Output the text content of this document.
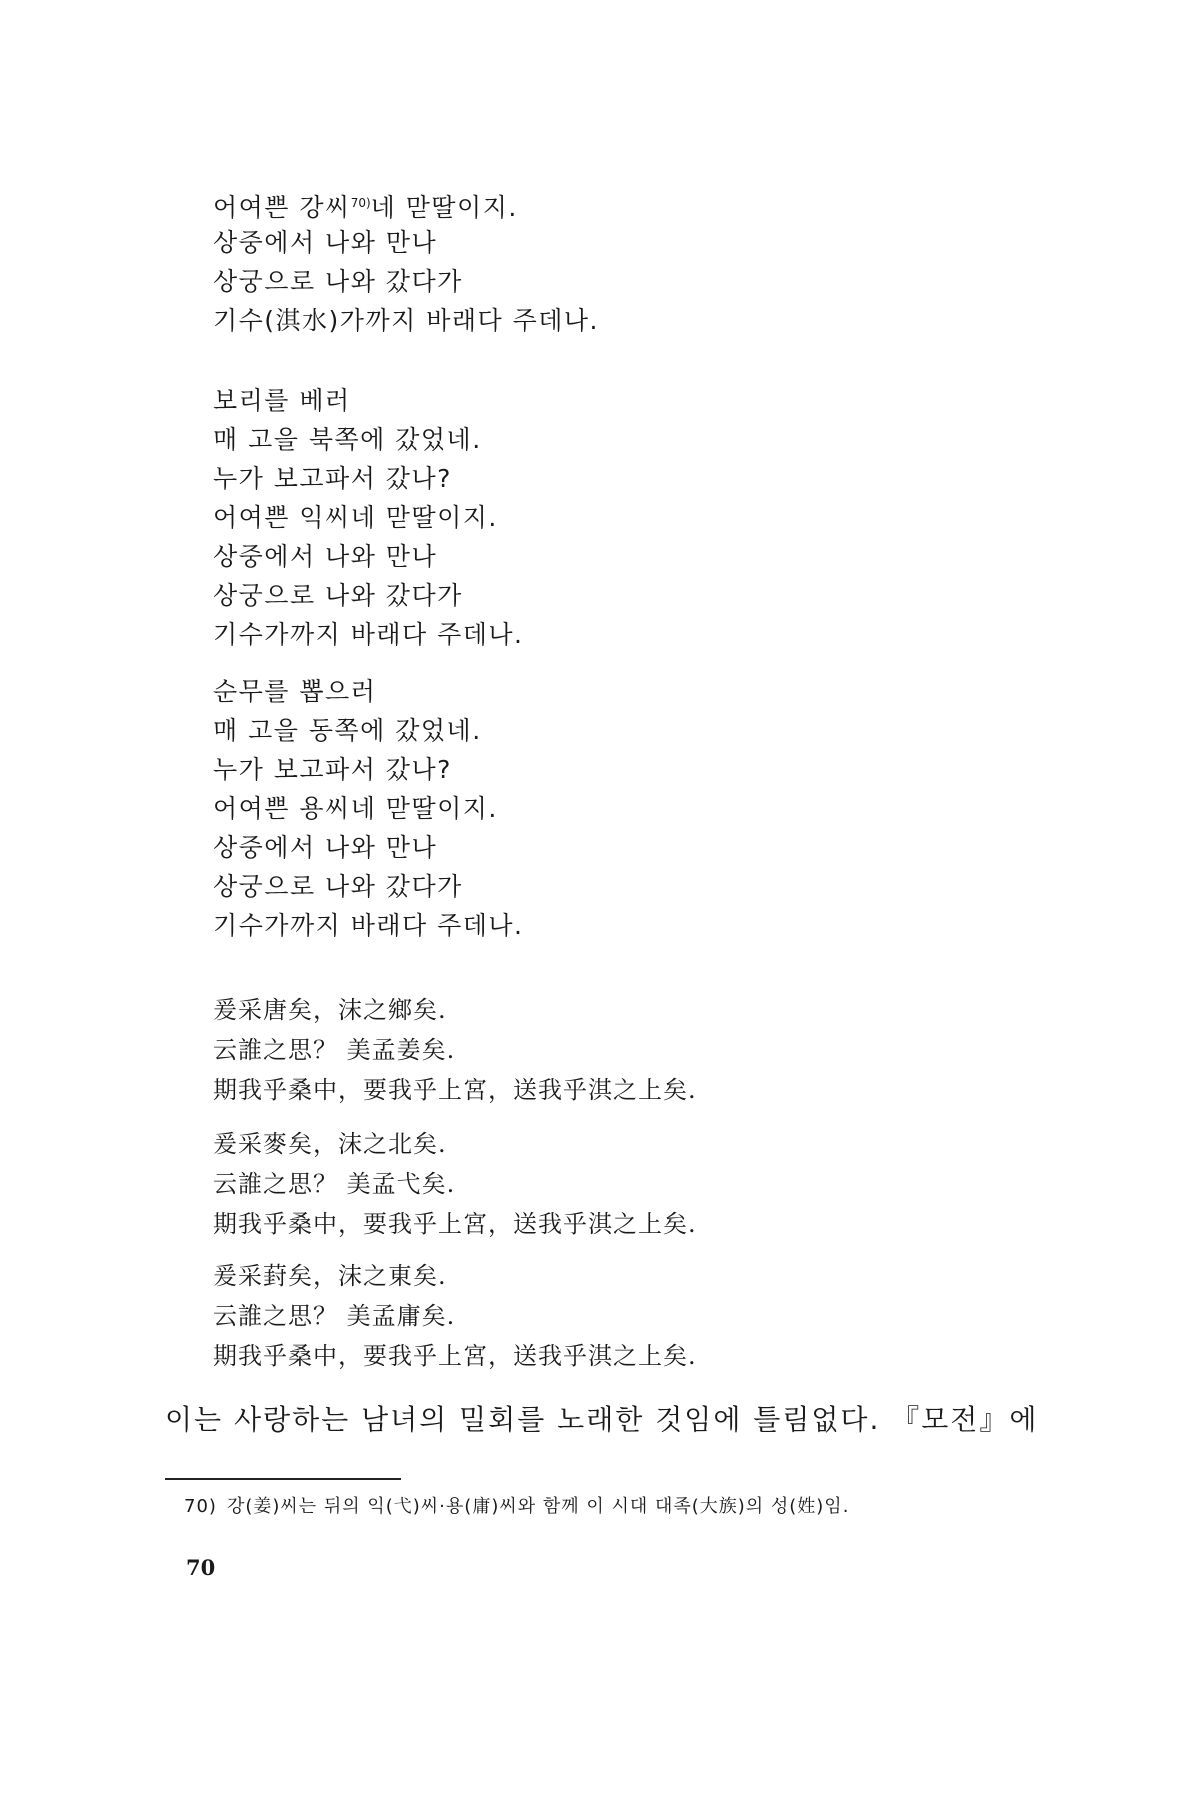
어여쁜 강씨$^{70)}$네 맏딸이지.
상중에서 나와 만나
상궁으로 나와 갔다가
기수(淇水)가까지 바래다 주데나.
보리를 베러
매 고을 북쪽에 갔었네.
누가 보고파서 갔나?
어여쁜 익씨네 맏딸이지.
상중에서 나와 만나
상궁으로 나와 갔다가
기수가까지 바래다 주데나.
순무를 뽑으러
매 고을 동쪽에 갔었네.
누가 보고파서 갔나?
어여쁜 용씨네 맏딸이지.
상중에서 나와 만나
상궁으로 나와 갔다가
기수가까지 바래다 주데나.
爰采唐矣，沫之鄉矣.
云誰之思？ 美孟姜矣.
期我乎桑中，要我乎上宮，送我乎淇之上矣.
爰采麥矣，沫之北矣.
云誰之思？ 美孟弋矣.
期我乎桑中，要我乎上宮，送我乎淇之上矣.
爰采葑矣，沫之東矣.
云誰之思？ 美孟庸矣.
期我乎桑中，要我乎上宮，送我乎淇之上矣.
이는 사랑하는 남녀의 밀회를 노래한 것임에 틀림없다. 『모전』에
70) 강(姜)씨는 뒤의 익(弋)씨·용(庸)씨와 함께 이 시대 대족(大族)의 성(姓)임.
70
